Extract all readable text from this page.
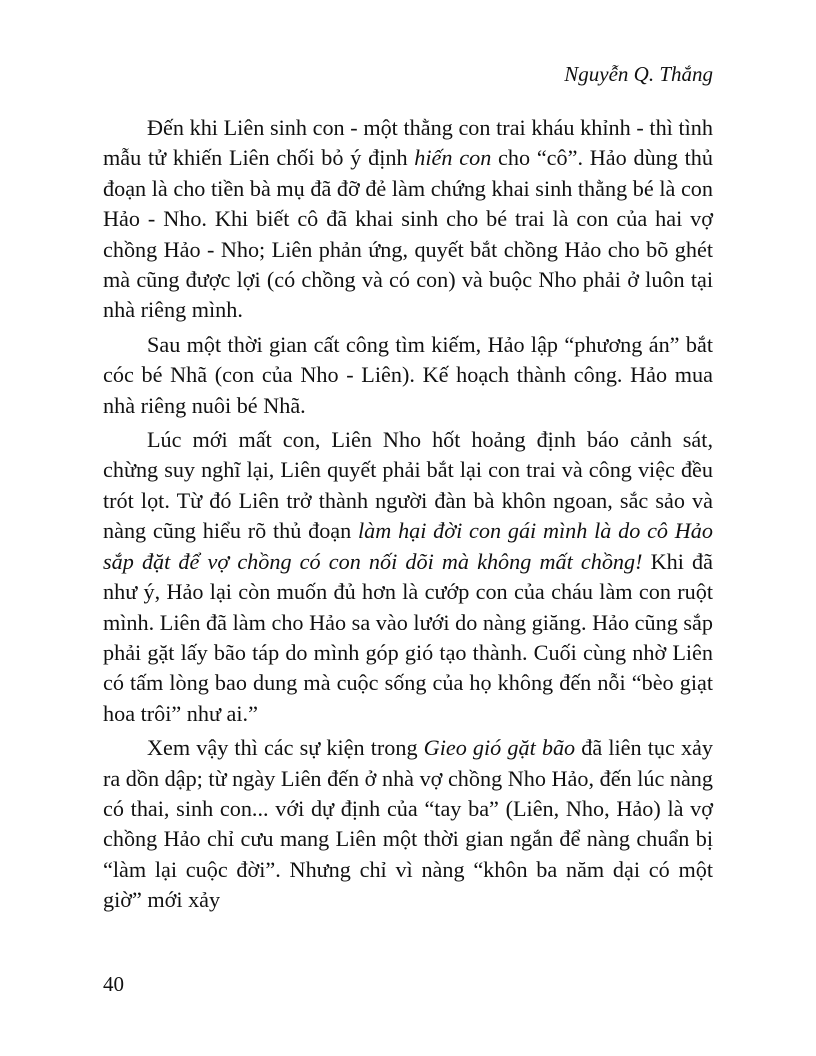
Nguyễn Q. Thắng

Đến khi Liên sinh con - một thằng con trai kháu khỉnh - thì tình mẫu tử khiến Liên chối bỏ ý định hiến con cho “cô”. Hảo dùng thủ đoạn là cho tiền bà mụ đã đỡ đẻ làm chứng khai sinh thằng bé là con Hảo - Nho. Khi biết cô đã khai sinh cho bé trai là con của hai vợ chồng Hảo - Nho; Liên phản ứng, quyết bắt chồng Hảo cho bõ ghét mà cũng được lợi (có chồng và có con) và buộc Nho phải ở luôn tại nhà riêng mình.

Sau một thời gian cất công tìm kiếm, Hảo lập “phương án” bắt cóc bé Nhã (con của Nho - Liên). Kế hoạch thành công. Hảo mua nhà riêng nuôi bé Nhã.

Lúc mới mất con, Liên Nho hốt hoảng định báo cảnh sát, chừng suy nghĩ lại, Liên quyết phải bắt lại con trai và công việc đều trót lọt. Từ đó Liên trở thành người đàn bà khôn ngoan, sắc sảo và nàng cũng hiểu rõ thủ đoạn làm hại đời con gái mình là do cô Hảo sắp đặt để vợ chồng có con nối dõi mà không mất chồng! Khi đã như ý, Hảo lại còn muốn đủ hơn là cướp con của cháu làm con ruột mình. Liên đã làm cho Hảo sa vào lưới do nàng giăng. Hảo cũng sắp phải gặt lấy bão táp do mình góp gió tạo thành. Cuối cùng nhờ Liên có tấm lòng bao dung mà cuộc sống của họ không đến nỗi “bèo giạt hoa trôi” như ai.”

Xem vậy thì các sự kiện trong Gieo gió gặt bão đã liên tục xảy ra dồn dập; từ ngày Liên đến ở nhà vợ chồng Nho Hảo, đến lúc nàng có thai, sinh con... với dự định của “tay ba” (Liên, Nho, Hảo) là vợ chồng Hảo chỉ cưu mang Liên một thời gian ngắn để nàng chuẩn bị “làm lại cuộc đời”. Nhưng chỉ vì nàng “khôn ba năm dại có một giờ” mới xảy

40
